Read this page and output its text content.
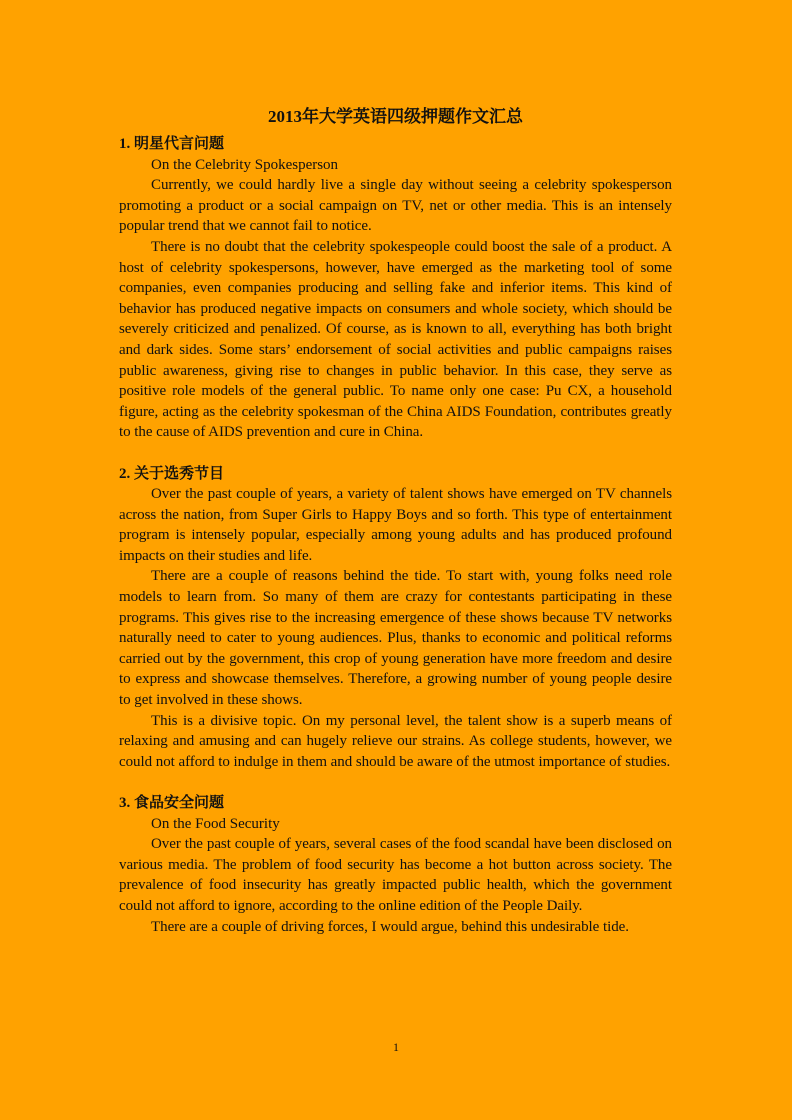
2013年大学英语四级押题作文汇总

1. 明星代言问题

On the Celebrity Spokesperson

Currently, we could hardly live a single day without seeing a celebrity spokesperson promoting a product or a social campaign on TV, net or other media. This is an intensely popular trend that we cannot fail to notice.

There is no doubt that the celebrity spokespeople could boost the sale of a product. A host of celebrity spokespersons, however, have emerged as the marketing tool of some companies, even companies producing and selling fake and inferior items. This kind of behavior has produced negative impacts on consumers and whole society, which should be severely criticized and penalized. Of course, as is known to all, everything has both bright and dark sides. Some stars’ endorsement of social activities and public campaigns raises public awareness, giving rise to changes in public behavior. In this case, they serve as positive role models of the general public. To name only one case: Pu CX, a household figure, acting as the celebrity spokesman of the China AIDS Foundation, contributes greatly to the cause of AIDS prevention and cure in China.

2. 关于选秀节目

Over the past couple of years, a variety of talent shows have emerged on TV channels across the nation, from Super Girls to Happy Boys and so forth. This type of entertainment program is intensely popular, especially among young adults and has produced profound impacts on their studies and life.

There are a couple of reasons behind the tide. To start with, young folks need role models to learn from. So many of them are crazy for contestants participating in these programs. This gives rise to the increasing emergence of these shows because TV networks naturally need to cater to young audiences. Plus, thanks to economic and political reforms carried out by the government, this crop of young generation have more freedom and desire to express and showcase themselves. Therefore, a growing number of young people desire to get involved in these shows.

This is a divisive topic. On my personal level, the talent show is a superb means of relaxing and amusing and can hugely relieve our strains. As college students, however, we could not afford to indulge in them and should be aware of the utmost importance of studies.

3. 食品安全问题

On the Food Security

Over the past couple of years, several cases of the food scandal have been disclosed on various media. The problem of food security has become a hot button across society. The prevalence of food insecurity has greatly impacted public health, which the government could not afford to ignore, according to the online edition of the People Daily.

There are a couple of driving forces, I would argue, behind this undesirable tide.

1
